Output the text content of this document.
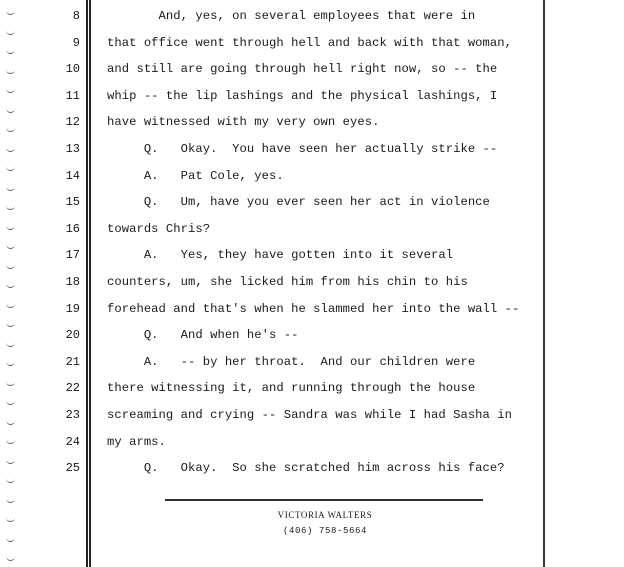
8 And, yes, on several employees that were in
9 that office went through hell and back with that woman,
10 and still are going through hell right now, so -- the
11 whip -- the lip lashings and the physical lashings, I
12 have witnessed with my very own eyes.
13 Q.   Okay.  You have seen her actually strike --
14 A.   Pat Cole, yes.
15 Q.   Um, have you ever seen her act in violence
16 towards Chris?
17 A.   Yes, they have gotten into it several
18 counters, um, she licked him from his chin to his
19 forehead and that's when he slammed her into the wall --
20 Q.   And when he's --
21 A.   -- by her throat.  And our children were
22 there witnessing it, and running through the house
23 screaming and crying -- Sandra was while I had Sasha in
24 my arms.
25 Q.   Okay.  So she scratched him across his face?
VICTORIA WALTERS
(406) 758-5664
